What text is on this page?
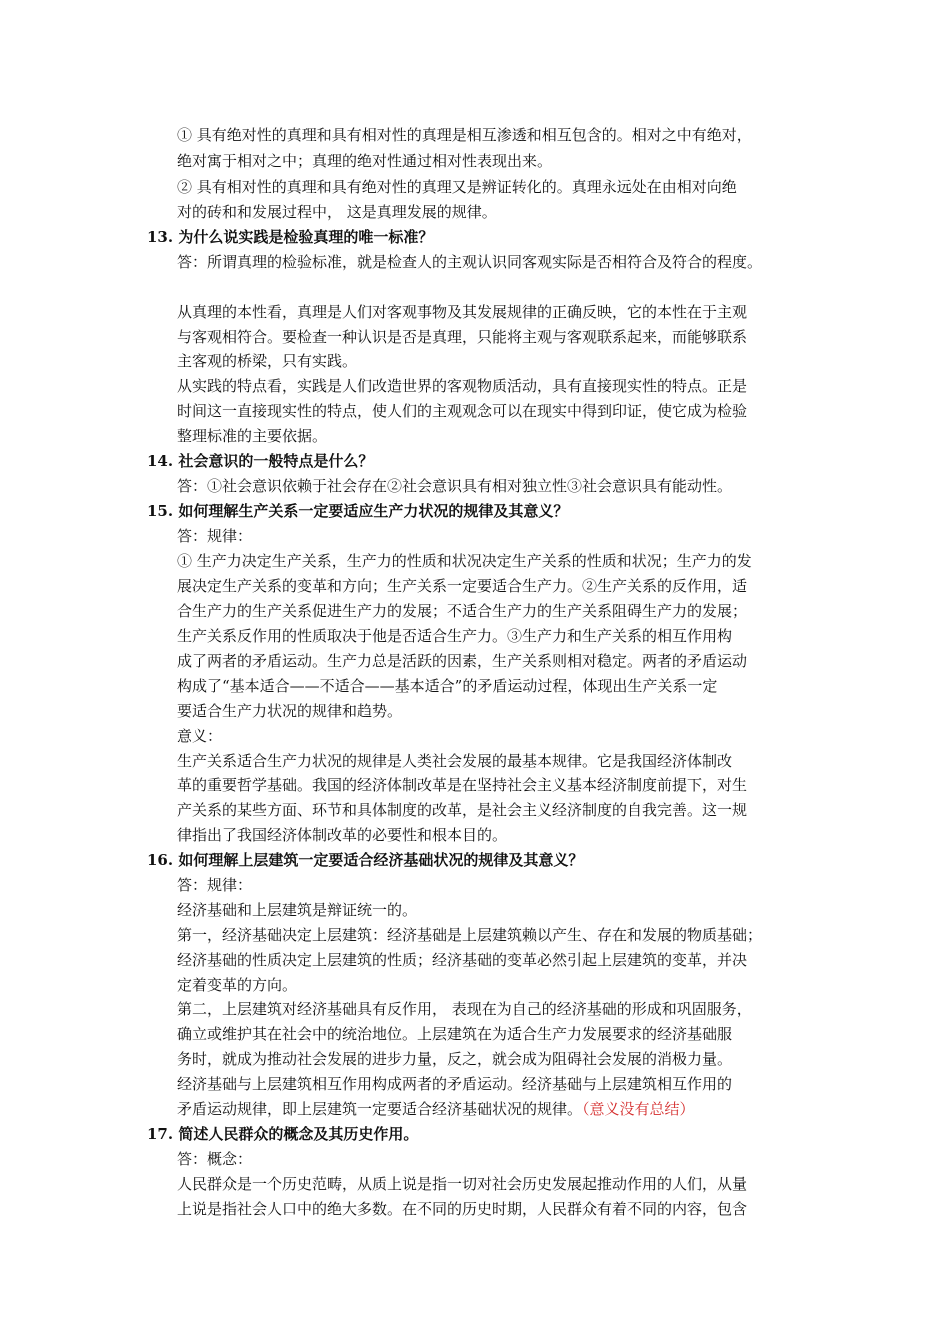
① 具有绝对性的真理和具有相对性的真理是相互渗透和相互包含的。相对之中有绝对，
绝对寓于相对之中；真理的绝对性通过相对性表现出来。
② 具有相对性的真理和具有绝对性的真理又是辨证转化的。真理永远处在由相对向绝
对的砖和和发展过程中， 这是真理发展的规律。
13. 为什么说实践是检验真理的唯一标准？
答：所谓真理的检验标准，就是检查人的主观认识同客观实际是否相符合及符合的程度。
从真理的本性看，真理是人们对客观事物及其发展规律的正确反映，它的本性在于主观
与客观相符合。要检查一种认识是否是真理，只能将主观与客观联系起来，而能够联系
主客观的桥梁，只有实践。
从实践的特点看，实践是人们改造世界的客观物质活动，具有直接现实性的特点。正是
时间这一直接现实性的特点，使人们的主观观念可以在现实中得到印证，使它成为检验
整理标准的主要依据。
14. 社会意识的一般特点是什么？
答：①社会意识依赖于社会存在②社会意识具有相对独立性③社会意识具有能动性。
15. 如何理解生产关系一定要适应生产力状况的规律及其意义？
答：规律：
① 生产力决定生产关系，生产力的性质和状况决定生产关系的性质和状况；生产力的发
展决定生产关系的变革和方向；生产关系一定要适合生产力。②生产关系的反作用，适
合生产力的生产关系促进生产力的发展；不适合生产力的生产关系阻碍生产力的发展；
生产关系反作用的性质取决于他是否适合生产力。③生产力和生产关系的相互作用构
成了两者的矛盾运动。生产力总是活跃的因素，生产关系则相对稳定。两者的矛盾运动
构成了“基本适合——不适合——基本适合”的矛盾运动过程，体现出生产关系一定
要适合生产力状况的规律和趋势。
意义：
生产关系适合生产力状况的规律是人类社会发展的最基本规律。它是我国经济体制改
革的重要哲学基础。我国的经济体制改革是在坚持社会主义基本经济制度前提下，对生
产关系的某些方面、环节和具体制度的改革，是社会主义经济制度的自我完善。这一规
律指出了我国经济体制改革的必要性和根本目的。
16. 如何理解上层建筑一定要适合经济基础状况的规律及其意义？
答：规律：
经济基础和上层建筑是辩证统一的。
第一，经济基础决定上层建筑：经济基础是上层建筑赖以产生、存在和发展的物质基础；
经济基础的性质决定上层建筑的性质；经济基础的变革必然引起上层建筑的变革，并决
定着变革的方向。
第二，上层建筑对经济基础具有反作用， 表现在为自己的经济基础的形成和巩固服务，
确立或维护其在社会中的统治地位。上层建筑在为适合生产力发展要求的经济基础服
务时，就成为推动社会发展的进步力量，反之，就会成为阻碍社会发展的消极力量。
经济基础与上层建筑相互作用构成两者的矛盾运动。经济基础与上层建筑相互作用的
矛盾运动规律，即上层建筑一定要适合经济基础状况的规律。（意义没有总结）
17. 简述人民群众的概念及其历史作用。
答：概念：
人民群众是一个历史范畴，从质上说是指一切对社会历史发展起推动作用的人们，从量
上说是指社会人口中的绝大多数。在不同的历史时期，人民群众有着不同的内容，包含
